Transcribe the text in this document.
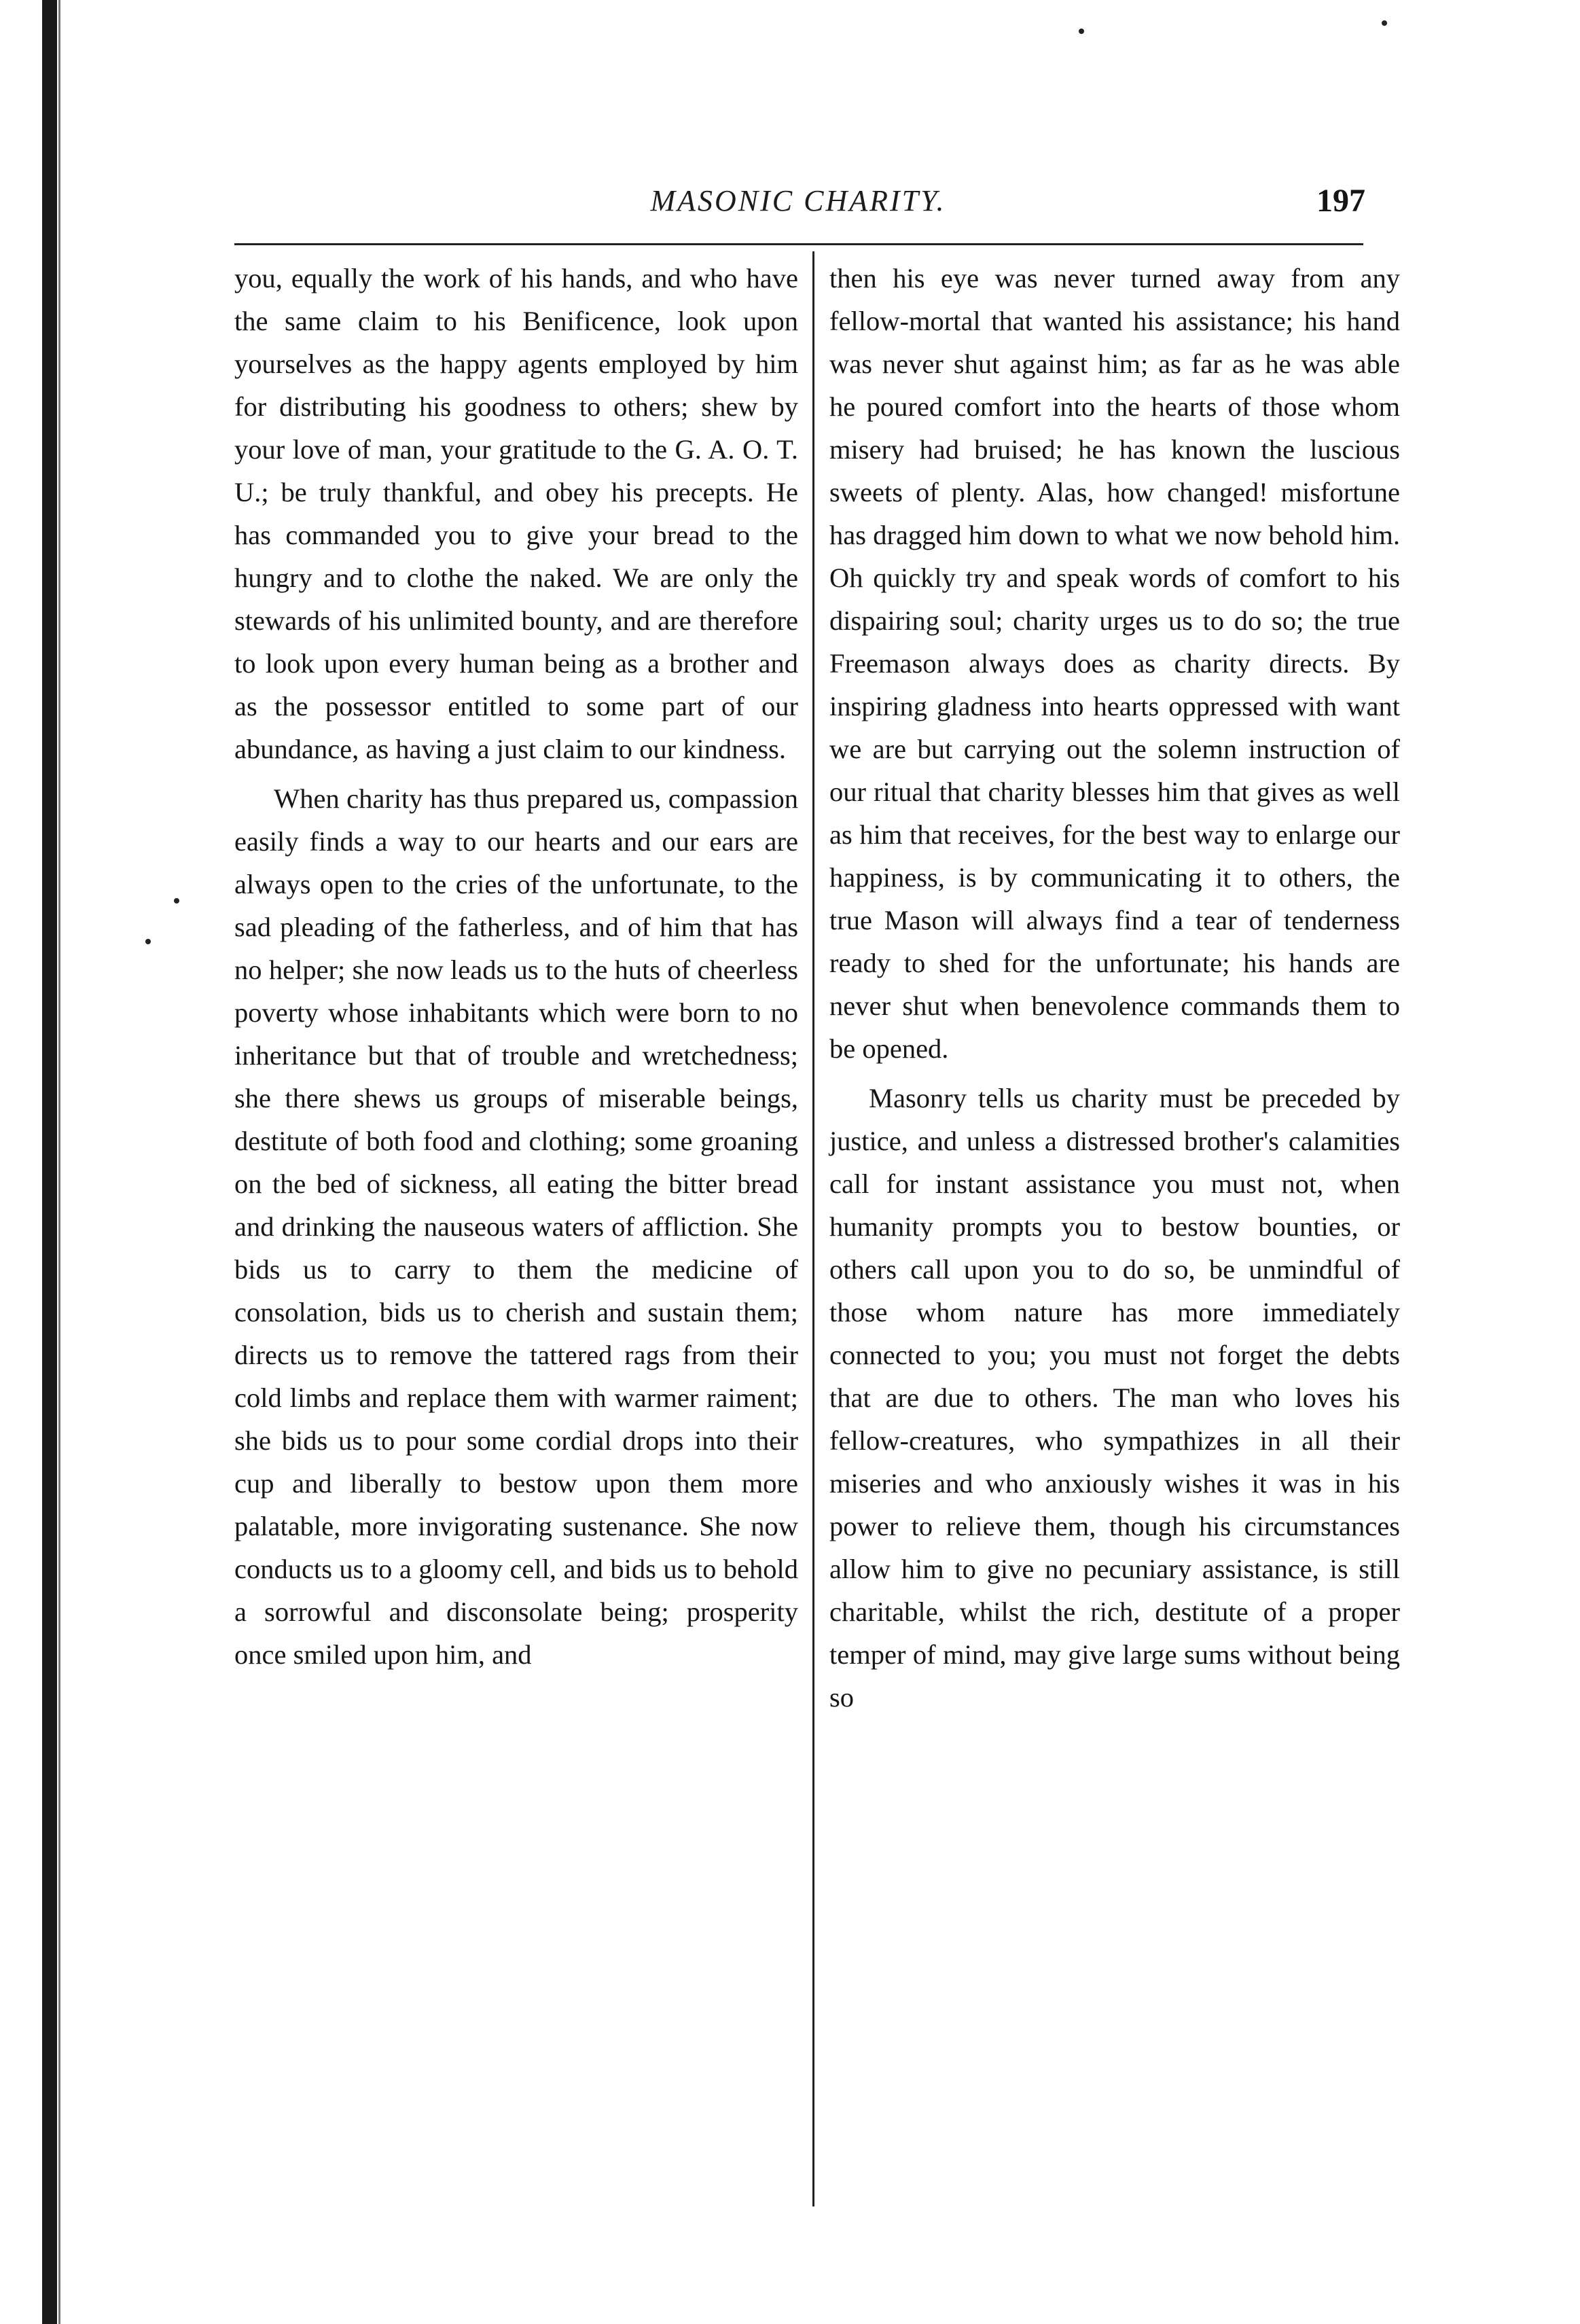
MASONIC CHARITY.	197

you, equally the work of his hands, and who have the same claim to his Benificence, look upon yourselves as the happy agents employed by him for distributing his goodness to others; shew by your love of man, your gratitude to the G. A. O. T. U.; be truly thankful, and obey his precepts. He has commanded you to give your bread to the hungry and to clothe the naked. We are only the stewards of his unlimited bounty, and are therefore to look upon every human being as a brother and as the possessor entitled to some part of our abundance, as having a just claim to our kindness.

When charity has thus prepared us, compassion easily finds a way to our hearts and our ears are always open to the cries of the unfortunate, to the sad pleading of the fatherless, and of him that has no helper; she now leads us to the huts of cheerless poverty whose inhabitants which were born to no inheritance but that of trouble and wretchedness; she there shews us groups of miserable beings, destitute of both food and clothing; some groaning on the bed of sickness, all eating the bitter bread and drinking the nauseous waters of affliction. She bids us to carry to them the medicine of consolation, bids us to cherish and sustain them; directs us to remove the tattered rags from their cold limbs and replace them with warmer raiment; she bids us to pour some cordial drops into their cup and liberally to bestow upon them more palatable, more invigorating sustenance. She now conducts us to a gloomy cell, and bids us to behold a sorrowful and disconsolate being; prosperity once smiled upon him, and

then his eye was never turned away from any fellow-mortal that wanted his assistance; his hand was never shut against him; as far as he was able he poured comfort into the hearts of those whom misery had bruised; he has known the luscious sweets of plenty. Alas, how changed! misfortune has dragged him down to what we now behold him. Oh quickly try and speak words of comfort to his dispairing soul; charity urges us to do so; the true Freemason always does as charity directs. By inspiring gladness into hearts oppressed with want we are but carrying out the solemn instruction of our ritual that charity blesses him that gives as well as him that receives, for the best way to enlarge our happiness, is by communicating it to others, the true Mason will always find a tear of tenderness ready to shed for the unfortunate; his hands are never shut when benevolence commands them to be opened.

Masonry tells us charity must be preceded by justice, and unless a distressed brother's calamities call for instant assistance you must not, when humanity prompts you to bestow bounties, or others call upon you to do so, be unmindful of those whom nature has more immediately connected to you; you must not forget the debts that are due to others. The man who loves his fellow-creatures, who sympathizes in all their miseries and who anxiously wishes it was in his power to relieve them, though his circumstances allow him to give no pecuniary assistance, is still charitable, whilst the rich, destitute of a proper temper of mind, may give large sums without being so
